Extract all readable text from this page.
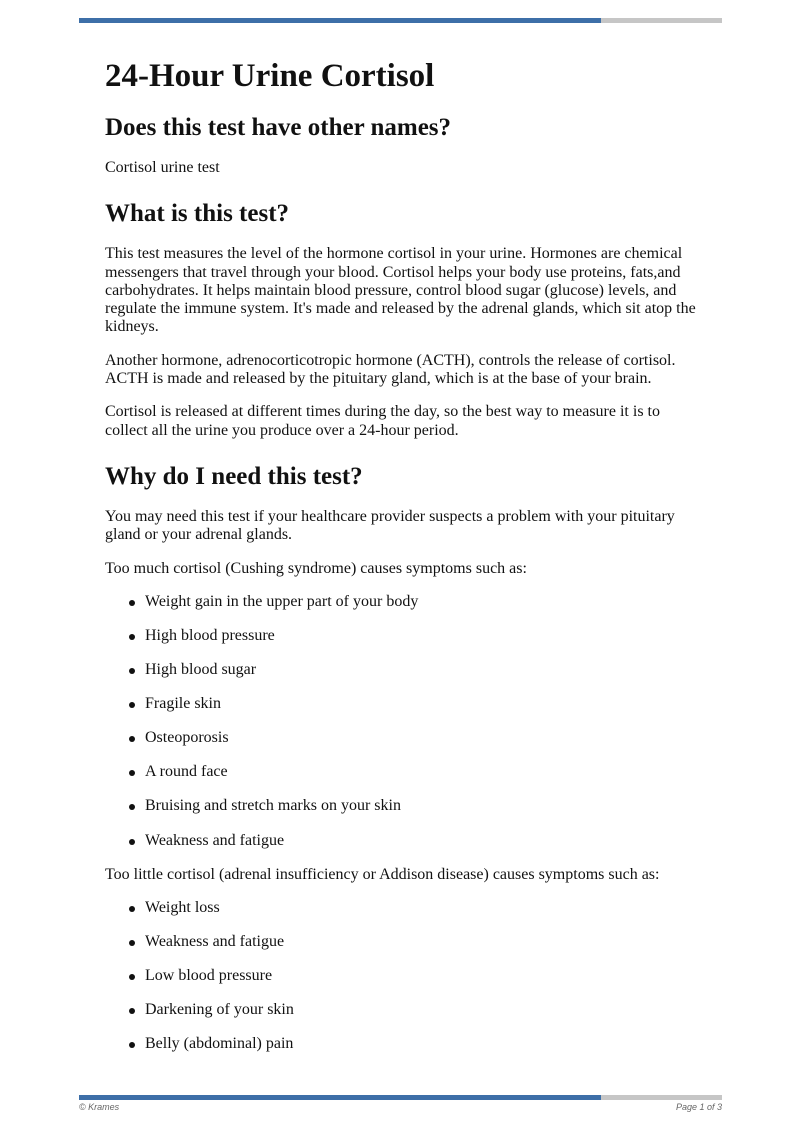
24-Hour Urine Cortisol
Does this test have other names?

Cortisol urine test

What is this test?

This test measures the level of the hormone cortisol in your urine. Hormones are chemical messengers that travel through your blood. Cortisol helps your body use proteins, fats,and carbohydrates. It helps maintain blood pressure, control blood sugar (glucose) levels, and regulate the immune system. It's made and released by the adrenal glands, which sit atop the kidneys.

Another hormone, adrenocorticotropic hormone (ACTH), controls the release of cortisol. ACTH is made and released by the pituitary gland, which is at the base of your brain.

Cortisol is released at different times during the day, so the best way to measure it is to collect all the urine you produce over a 24-hour period.

Why do I need this test?

You may need this test if your healthcare provider suspects a problem with your pituitary gland or your adrenal glands.

Too much cortisol (Cushing syndrome) causes symptoms such as:

Weight gain in the upper part of your body
High blood pressure
High blood sugar
Fragile skin
Osteoporosis
A round face
Bruising and stretch marks on your skin
Weakness and fatigue

Too little cortisol (adrenal insufficiency or Addison disease) causes symptoms such as:

Weight loss
Weakness and fatigue
Low blood pressure
Darkening of your skin
Belly (abdominal) pain
© Krames	Page 1 of 3
